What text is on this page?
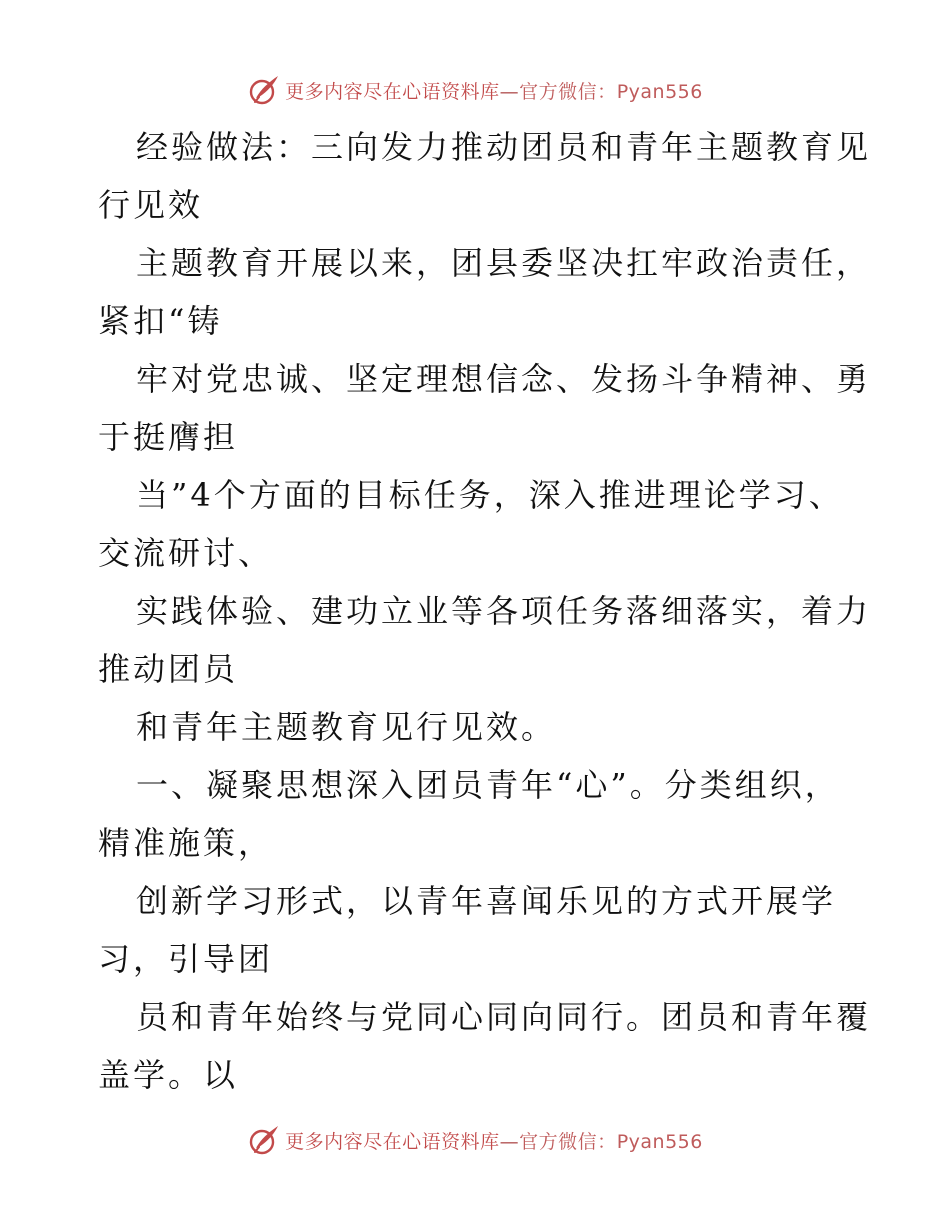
更多内容尽在心语资料库—官方微信：Pyan556
经验做法：三向发力推动团员和青年主题教育见
行见效
主题教育开展以来，团县委坚决扛牢政治责任，
紧扣“铸
牢对党忠诚、坚定理想信念、发扬斗争精神、勇
于挺膺担
当”4个方面的目标任务，深入推进理论学习、
交流研讨、
实践体验、建功立业等各项任务落细落实，着力
推动团员
和青年主题教育见行见效。
一、凝聚思想深入团员青年“心”。分类组织，
精准施策，
创新学习形式，以青年喜闻乐见的方式开展学
习，引导团
员和青年始终与党同心同向同行。团员和青年覆
盖学。以
更多内容尽在心语资料库—官方微信：Pyan556
